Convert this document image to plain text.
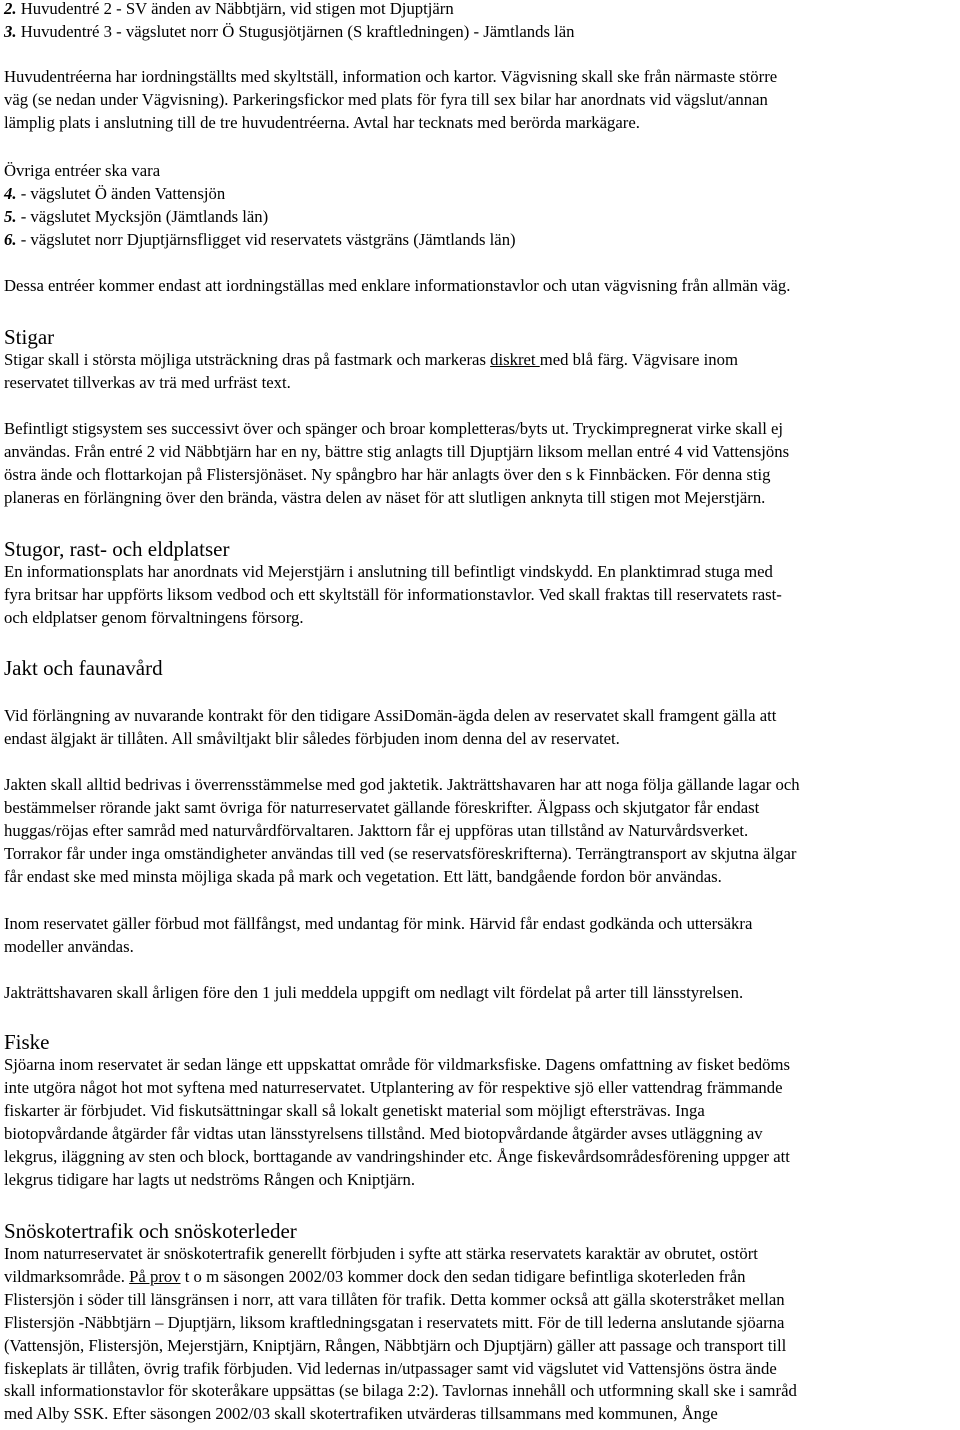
2. Huvudentré 2 - SV änden av Näbbtjärn, vid stigen mot Djuptjärn
3. Huvudentré 3 - vägslutet norr Ö Stugusjötjärnen (S kraftledningen) - Jämtlands län
Huvudentréerna har iordningställts med skyltställ, information och kartor. Vägvisning skall ske från närmaste större
väg (se nedan under Vägvisning). Parkeringsfickor med plats för fyra till sex bilar har anordnats vid vägslut/annan
lämplig plats i anslutning till de tre huvudentréerna. Avtal har tecknats med berörda markägare.
Övriga entréer ska vara
4. - vägslutet Ö änden Vattensjön
5. - vägslutet Mycksjön (Jämtlands län)
6. - vägslutet norr Djuptjärnsfligget vid reservatets västgräns (Jämtlands län)
Dessa entréer kommer endast att iordningställas med enklare informationstavlor och utan vägvisning från allmän väg.
Stigar
Stigar skall i största möjliga utsträckning dras på fastmark och markeras diskret med blå färg. Vägvisare inom
reservatet tillverkas av trä med urfräst text.
Befintligt stigsystem ses successivt över och spänger och broar kompletteras/byts ut. Tryckimpregnerat virke skall ej
användas. Från entré 2 vid Näbbtjärn har en ny, bättre stig anlagts till Djuptjärn liksom mellan entré 4 vid Vattensjöns
östra ände och flottarkojan på Flistersjönäset. Ny spångbro har här anlagts över den s k Finnbäcken. För denna stig
planeras en förlängning över den brända, västra delen av näset för att slutligen anknyta till stigen mot Mejerstjärn.
Stugor, rast- och eldplatser
En informationsplats har anordnats vid Mejerstjärn i anslutning till befintligt vindskydd. En planktimrad stuga med
fyra britsar har uppförts liksom vedbod och ett skyltställ för informationstavlor. Ved skall fraktas till reservatets rast-
och eldplatser genom förvaltningens försorg.
Jakt och faunavård
Vid förlängning av nuvarande kontrakt för den tidigare AssiDomän-ägda delen av reservatet skall framgent gälla att
endast älgjakt är tillåten. All småviltjakt blir således förbjuden inom denna del av reservatet.
Jakten skall alltid bedrivas i överrensstämmelse med god jaktetik. Jakträttshavaren har att noga följa gällande lagar och
bestämmelser rörande jakt samt övriga för naturreservatet gällande föreskrifter. Älgpass och skjutgator får endast
huggas/röjas efter samråd med naturvårdförvaltaren. Jakttorn får ej uppföras utan tillstånd av Naturvårdsverket.
Torrakor får under inga omständigheter användas till ved (se reservatsföreskrifterna). Terrängtransport av skjutna älgar
får endast ske med minsta möjliga skada på mark och vegetation. Ett lätt, bandgående fordon bör användas.
Inom reservatet gäller förbud mot fällfångst, med undantag för mink. Härvid får endast godkända och uttersäkra
modeller användas.
Jakträttshavaren skall årligen före den 1 juli meddela uppgift om nedlagt vilt fördelat på arter till länsstyrelsen.
Fiske
Sjöarna inom reservatet är sedan länge ett uppskattat område för vildmarksfiske. Dagens omfattning av fisket bedöms
inte utgöra något hot mot syftena med naturreservatet. Utplantering av för respektive sjö eller vattendrag främmande
fiskarter är förbjudet. Vid fiskutsättningar skall så lokalt genetiskt material som möjligt eftersträvas. Inga
biotopvårdande åtgärder får vidtas utan länsstyrelsens tillstånd. Med biotopvårdande åtgärder avses utläggning av
lekgrus, iläggning av sten och block, borttagande av vandringshinder etc. Ånge fiskevårdsområdesförening uppger att
lekgrus tidigare har lagts ut nedströms Rången och Kniptjärn.
Snöskotertrafik och snöskoterleder
Inom naturreservatet är snöskotertrafik generellt förbjuden i syfte att stärka reservatets karaktär av obrutet, ostört
vildmarksområde. På prov t o m säsongen 2002/03 kommer dock den sedan tidigare befintliga skoterleden från
Flistersjön i söder till länsgränsen i norr, att vara tillåten för trafik. Detta kommer också att gälla skoterstråket mellan
Flistersjön -Näbbtjärn – Djuptjärn, liksom kraftledningsgatan i reservatets mitt. För de till lederna anslutande sjöarna
(Vattensjön, Flistersjön, Mejerstjärn, Kniptjärn, Rången, Näbbtjärn och Djuptjärn) gäller att passage och transport till
fiskeplats är tillåten, övrig trafik förbjuden. Vid ledernas in/utpassager samt vid vägslutet vid Vattensjöns östra ände
skall informationstavlor för skoteråkare uppsättas (se bilaga 2:2). Tavlornas innehåll och utformning skall ske i samråd
med Alby SSK. Efter säsongen 2002/03 skall skotertrafiken utvärderas tillsammans med kommunen, Ånge
